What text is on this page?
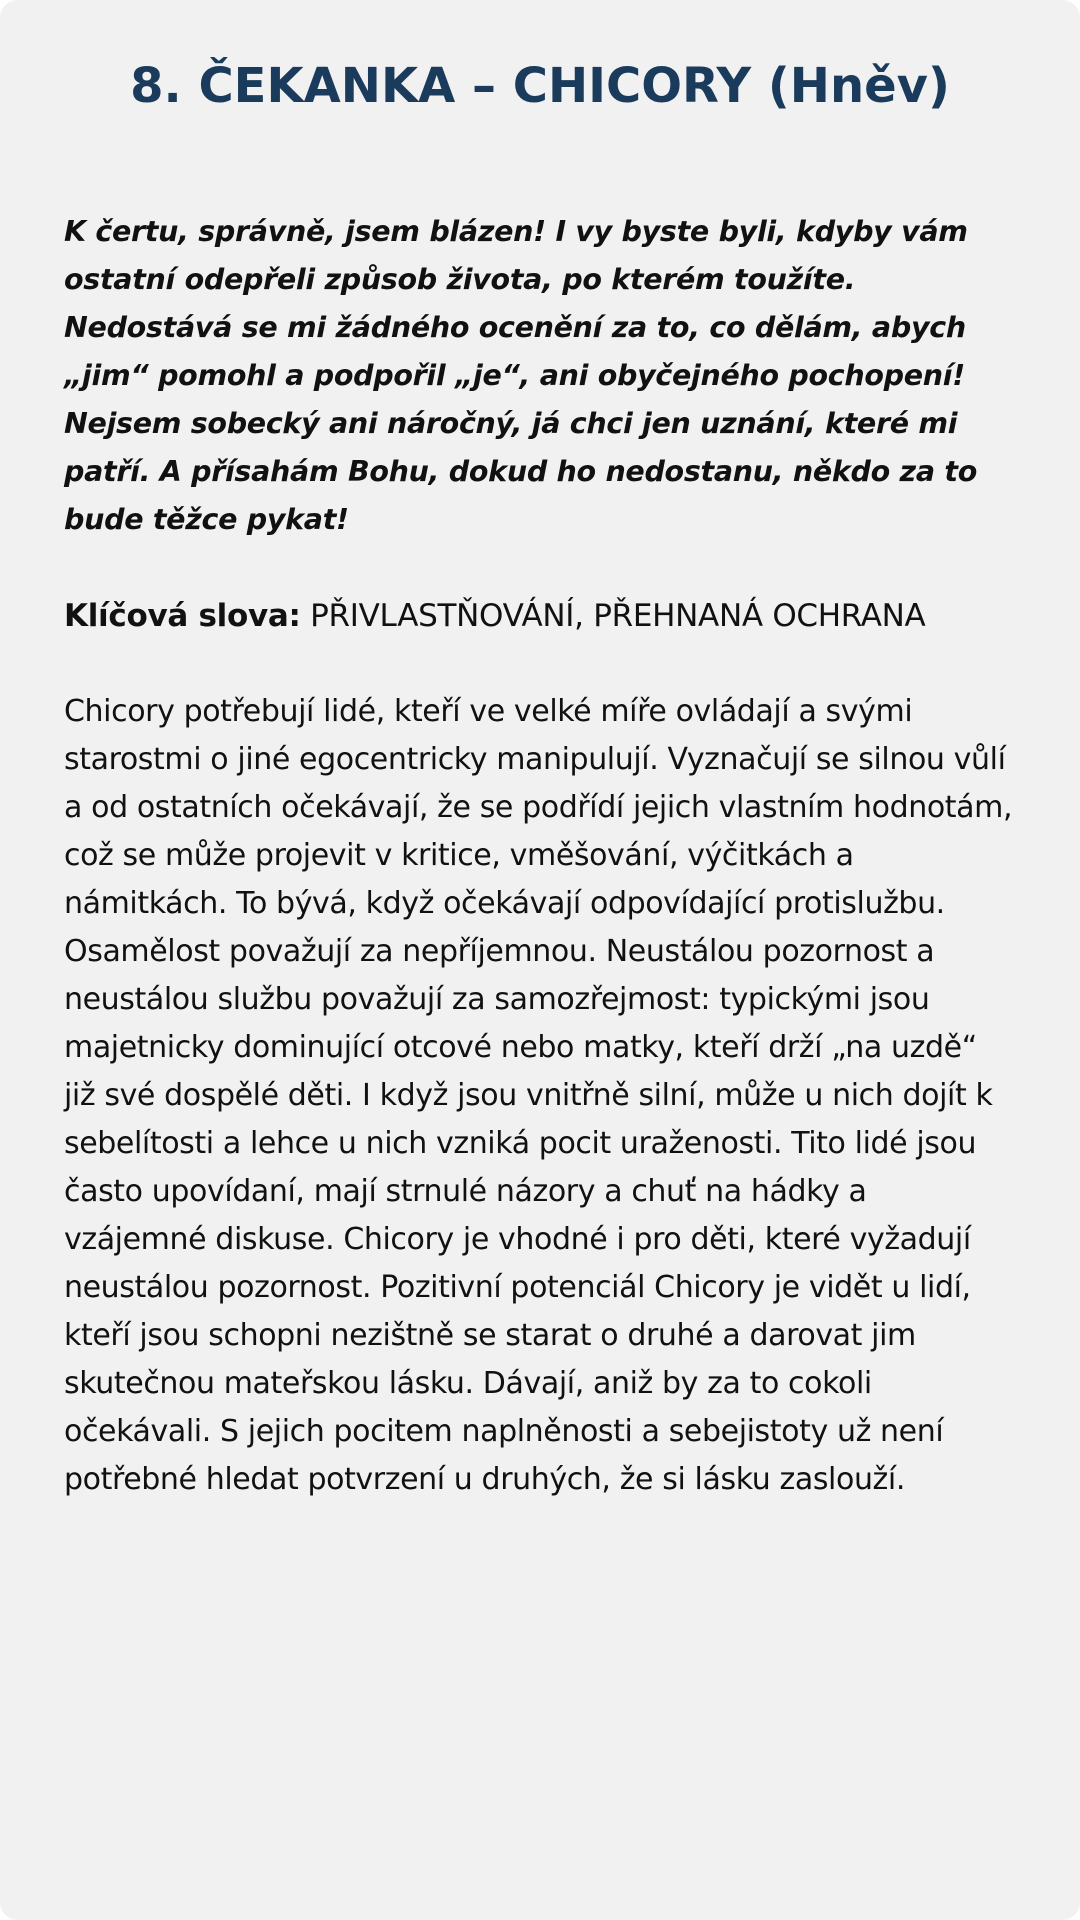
8. ČEKANKA – CHICORY (Hněv)

K čertu, správně, jsem blázen! I vy byste byli, kdyby vám ostatní odepřeli způsob života, po kterém toužíte. Nedostává se mi žádného ocenění za to, co dělám, abych „jim“ pomohl a podpořil „je“, ani obyčejného pochopení! Nejsem sobecký ani náročný, já chci jen uznání, které mi patří. A přísahám Bohu, dokud ho nedostanu, někdo za to bude těžce pykat!

Klíčová slova: PŘIVLASTŇOVÁNÍ, PŘEHNANÁ OCHRANA

Chicory potřebují lidé, kteří ve velké míře ovládají a svými starostmi o jiné egocentricky manipulují. Vyznačují se silnou vůlí a od ostatních očekávají, že se podřídí jejich vlastním hodnotám, což se může projevit v kritice, vměšování, výčitkách a námitkách. To bývá, když očekávají odpovídající protislužbu. Osamělost považují za nepříjemnou. Neustálou pozornost a neustálou službu považují za samozřejmost: typickými jsou majetnicky dominující otcové nebo matky, kteří drží „na uzdě“ již své dospělé děti. I když jsou vnitřně silní, může u nich dojít k sebelítosti a lehce u nich vzniká pocit uraženosti. Tito lidé jsou často upovídaní, mají strnulé názory a chuť na hádky a vzájemné diskuse. Chicory je vhodné i pro děti, které vyžadují neustálou pozornost. Pozitivní potenciál Chicory je vidět u lidí, kteří jsou schopni nezištně se starat o druhé a darovat jim skutečnou mateřskou lásku. Dávají, aniž by za to cokoli očekávali. S jejich pocitem naplněnosti a sebejistoty už není potřebné hledat potvrzení u druhých, že si lásku zaslouží.
